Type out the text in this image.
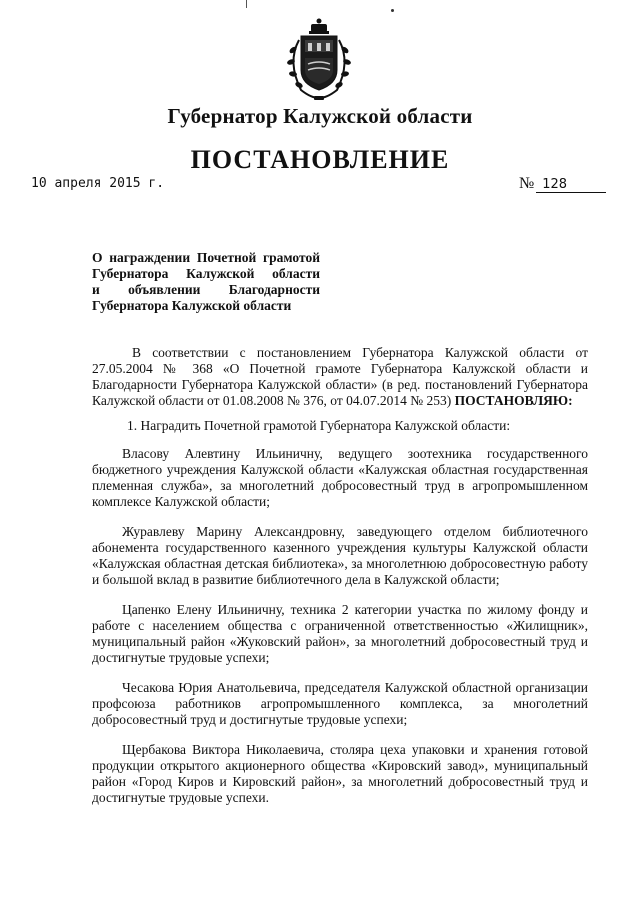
Губернатор Калужской области
ПОСТАНОВЛЕНИЕ
10 апреля 2015 г.	№ 128
О награждении Почетной грамотой
Губернатора Калужской области
и объявлении Благодарности
Губернатора Калужской области

В соответствии с постановлением Губернатора Калужской области от 27.05.2004 № 368 «О Почетной грамоте Губернатора Калужской области и Благодарности Губернатора Калужской области» (в ред. постановлений Губернатора Калужской области от 01.08.2008 № 376, от 04.07.2014 № 253) ПОСТАНОВЛЯЮ:

1. Наградить Почетной грамотой Губернатора Калужской области:

Власову Алевтину Ильиничну, ведущего зоотехника государственного бюджетного учреждения Калужской области «Калужская областная государственная племенная служба», за многолетний добросовестный труд в агропромышленном комплексе Калужской области;

Журавлеву Марину Александровну, заведующего отделом библиотечного абонемента государственного казенного учреждения культуры Калужской области «Калужская областная детская библиотека», за многолетнюю добросовестную работу и большой вклад в развитие библиотечного дела в Калужской области;

Цапенко Елену Ильиничну, техника 2 категории участка по жилому фонду и работе с населением общества с ограниченной ответственностью «Жилищник», муниципальный район «Жуковский район», за многолетний добросовестный труд и достигнутые трудовые успехи;

Чесакова Юрия Анатольевича, председателя Калужской областной организации профсоюза работников агропромышленного комплекса, за многолетний добросовестный труд и достигнутые трудовые успехи;

Щербакова Виктора Николаевича, столяра цеха упаковки и хранения готовой продукции открытого акционерного общества «Кировский завод», муниципальный район «Город Киров и Кировский район», за многолетний добросовестный труд и достигнутые трудовые успехи.
